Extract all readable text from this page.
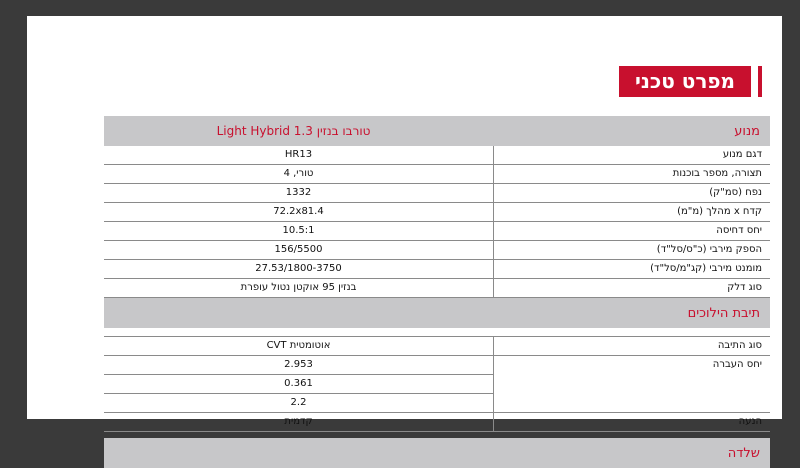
מפרט טכני
מנוע
טורבו בנזין 1.3 Light Hybrid
דגם מנוע
HR13
תצורה, מספר בוכנות
טורי, 4
נפח (סמ"ק)
1332
קדח x מהלך (מ"מ)
72.2x81.4
יחס דחיסה
10.5:1
הספק מירבי (כ"ס/סל"ד)
156/5500
מומנט מירבי (קג"מ/סל"ד)
27.53/1800-3750
סוג דלק
בנזין 95 אוקטן נטול עופרת
תיבת הילוכים
סוג התיבה
אוטומטית CVT
יחס העברה
2.953
0.361
2.2
הנעה
קדמית
שלדה
